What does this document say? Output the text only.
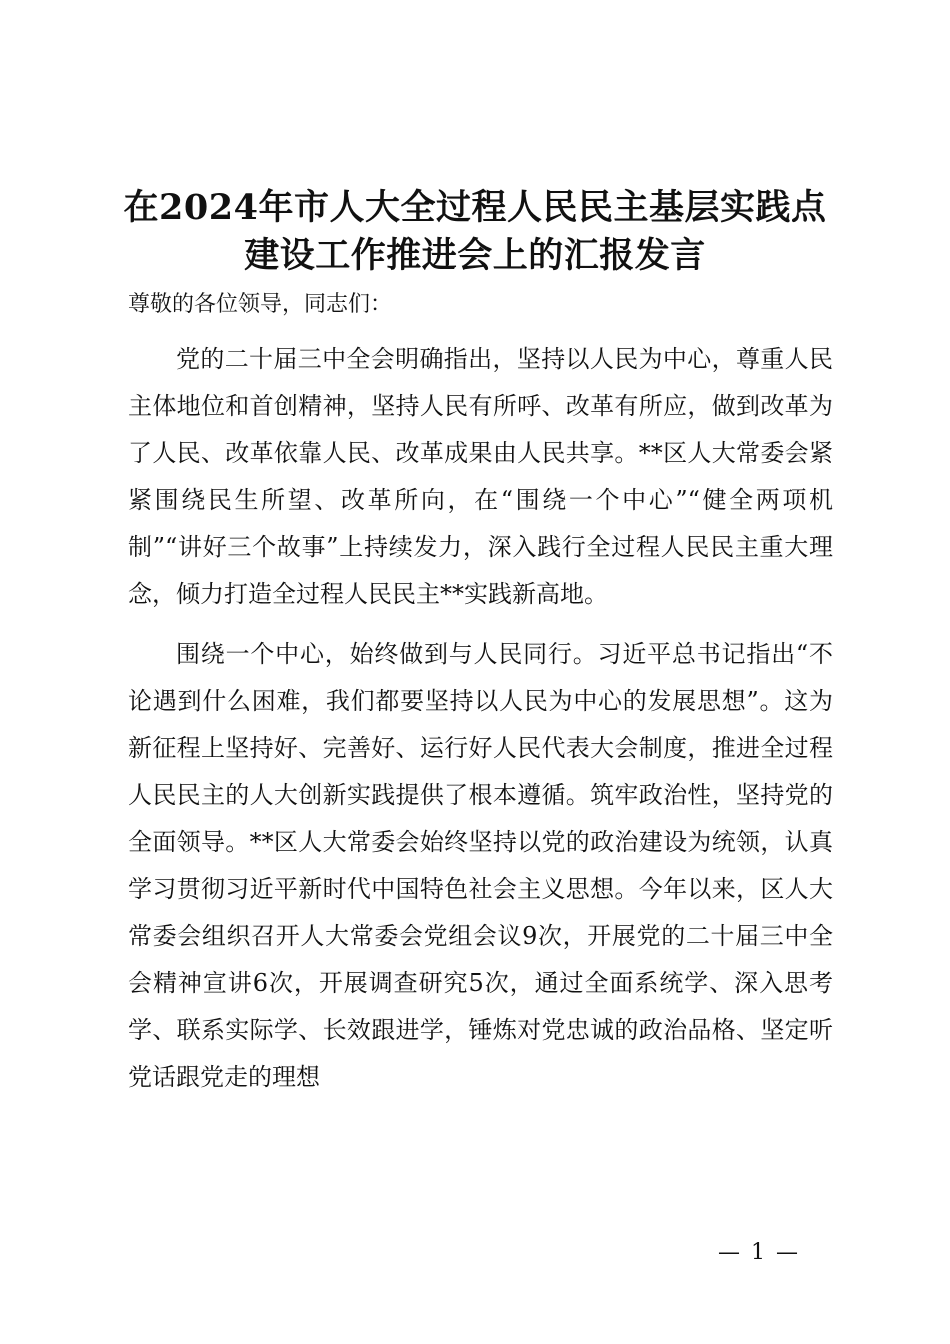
在2024年市人大全过程人民民主基层实践点
建设工作推进会上的汇报发言

尊敬的各位领导，同志们：

党的二十届三中全会明确指出，坚持以人民为中心，尊重人民主体地位和首创精神，坚持人民有所呼、改革有所应，做到改革为了人民、改革依靠人民、改革成果由人民共享。**区人大常委会紧紧围绕民生所望、改革所向，在“围绕一个中心”“健全两项机制”“讲好三个故事”上持续发力，深入践行全过程人民民主重大理念，倾力打造全过程人民民主**实践新高地。

围绕一个中心，始终做到与人民同行。习近平总书记指出“不论遇到什么困难，我们都要坚持以人民为中心的发展思想”。这为新征程上坚持好、完善好、运行好人民代表大会制度，推进全过程人民民主的人大创新实践提供了根本遵循。筑牢政治性，坚持党的全面领导。**区人大常委会始终坚持以党的政治建设为统领，认真学习贯彻习近平新时代中国特色社会主义思想。今年以来，区人大常委会组织召开人大常委会党组会议9次，开展党的二十届三中全会精神宣讲6次，开展调查研究5次，通过全面系统学、深入思考学、联系实际学、长效跟进学，锤炼对党忠诚的政治品格、坚定听党话跟党走的理想

— 1 —
